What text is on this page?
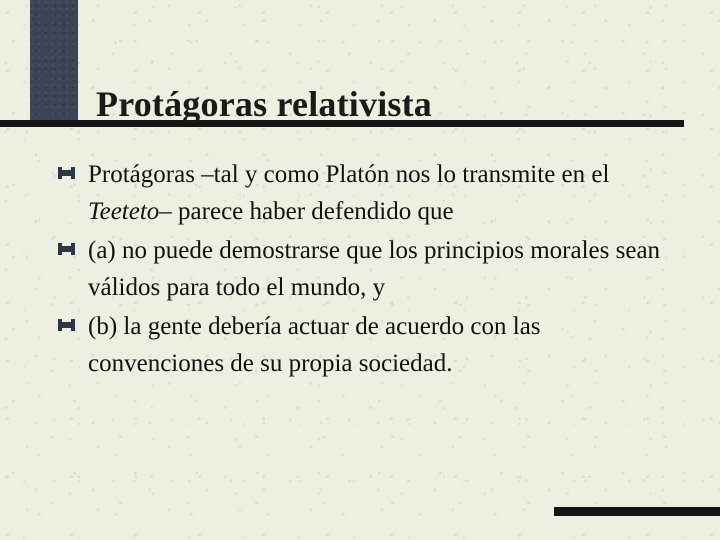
Protágoras relativista
Protágoras –tal y como Platón nos lo transmite en el Teeteto– parece haber defendido que
(a) no puede demostrarse que los principios morales sean válidos para todo el mundo, y
(b) la gente debería actuar de acuerdo con las convenciones de su propia sociedad.
